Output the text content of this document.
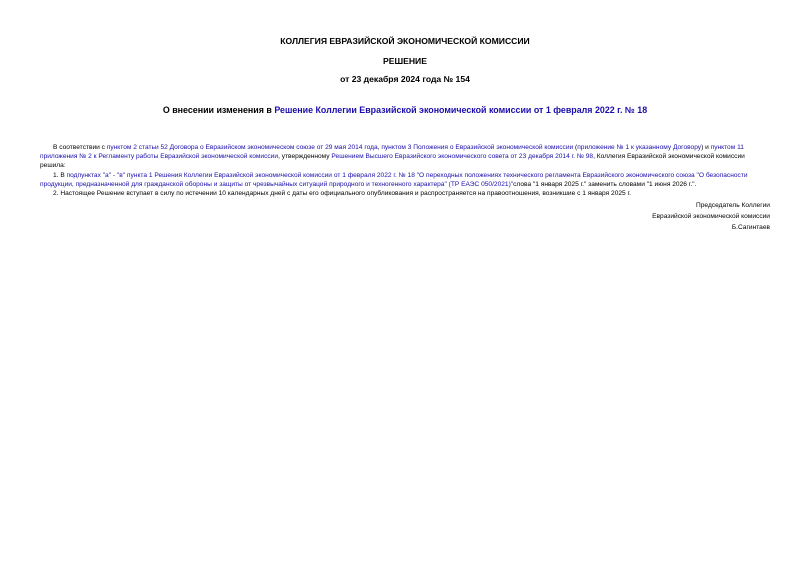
КОЛЛЕГИЯ ЕВРАЗИЙСКОЙ ЭКОНОМИЧЕСКОЙ КОМИССИИ
РЕШЕНИЕ
от 23 декабря 2024 года № 154
О внесении изменения в Решение Коллегии Евразийской экономической комиссии от 1 февраля 2022 г. № 18

В соответствии с пунктом 2 статьи 52 Договора о Евразийском экономическом союзе от 29 мая 2014 года, пунктом 3 Положения о Евразийской экономической комиссии (приложение № 1 к указанному Договору) и пунктом 11 приложения № 2 к Регламенту работы Евразийской экономической комиссии, утвержденному Решением Высшего Евразийского экономического совета от 23 декабря 2014 г. № 98, Коллегия Евразийской экономической комиссии

решила:

1. В подпунктах "а" - "в" пункта 1 Решения Коллегии Евразийской экономической комиссии от 1 февраля 2022 г. № 18 "О переходных положениях технического регламента Евразийского экономического союза "О безопасности продукции, предназначенной для гражданской обороны и защиты от чрезвычайных ситуаций природного и техногенного характера" (ТР ЕАЭС 050/2021)"слова "1 января 2025 г." заменить словами "1 июня 2026 г.".

2. Настоящее Решение вступает в силу по истечении 10 календарных дней с даты его официального опубликования и распространяется на правоотношения, возникшие с 1 января 2025 г.

Председатель Коллегии
Евразийской экономической комиссии
Б.Сагинтаев
